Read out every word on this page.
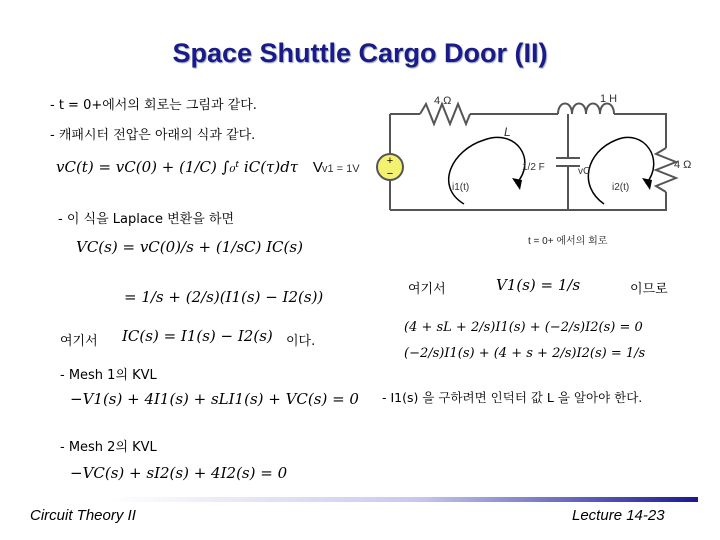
Space Shuttle Cargo Door (II)
- t = 0+에서의 회로는 그림과 같다.
- 캐패시터 전압은 아래의 식과 같다.
vC(t) = vC(0) + (1/C) ∫₀ᵗ iC(τ)dτ V
- 이 식을 Laplace 변환을 하면
VC(s) = vC(0)/s + (1/sC) IC(s)
= 1/s + (2/s)(I1(s) − I2(s))
여기서 IC(s) = I1(s) − I2(s) 이다.
- Mesh 1의 KVL
−V1(s) + 4I1(s) + sLI1(s) + VC(s) = 0
- Mesh 2의 KVL
−VC(s) + sI2(s) + 4I2(s) = 0
여기서	V1(s) = 1/s	이므로
(4 + sL + 2/s)I1(s) + (−2/s)I2(s) = 0
(−2/s)I1(s) + (4 + s + 2/s)I2(s) = 1/s
- I1(s) 을 구하려면 인덕터 값 L 을 알아야 한다.
+
−
4 Ω	1 H
L
v1 = 1V	1/2 F	vC
4 Ω
i1(t)	i2(t)
t = 0+ 에서의 회로
Circuit Theory II	Lecture 14-23
